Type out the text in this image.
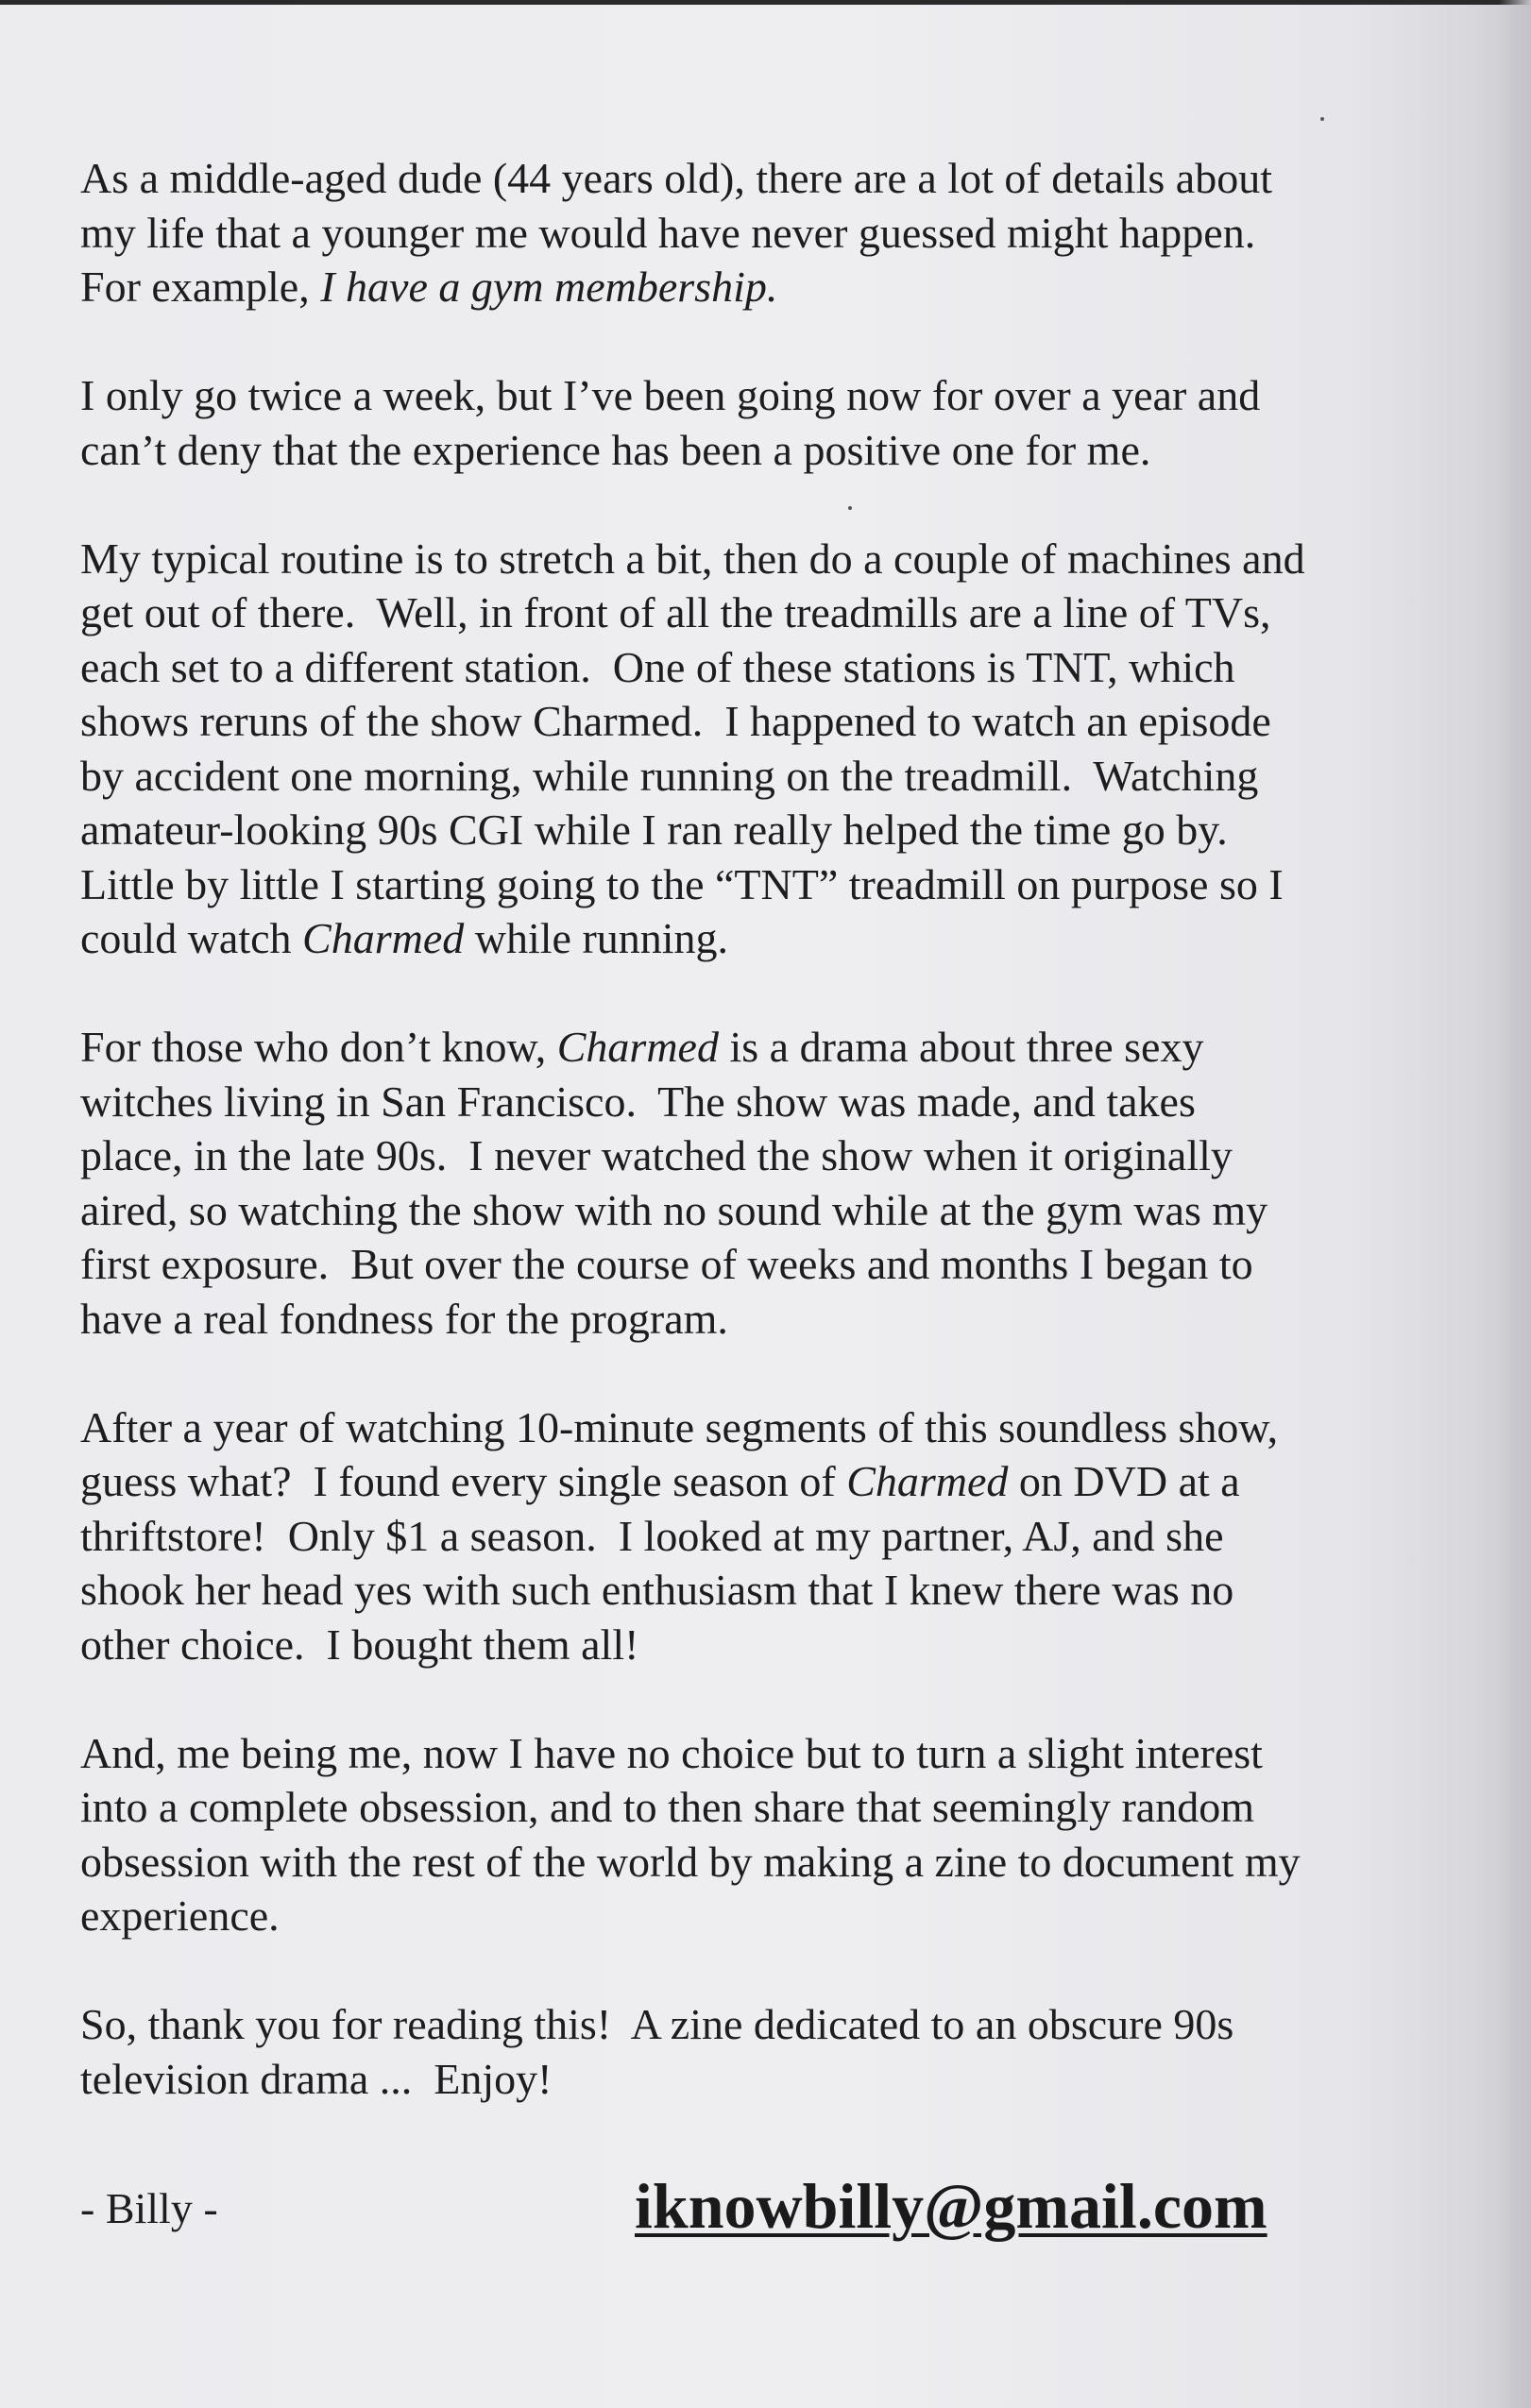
As a middle-aged dude (44 years old), there are a lot of details about
my life that a younger me would have never guessed might happen.
For example, I have a gym membership.

I only go twice a week, but I’ve been going now for over a year and
can’t deny that the experience has been a positive one for me.

My typical routine is to stretch a bit, then do a couple of machines and
get out of there.  Well, in front of all the treadmills are a line of TVs,
each set to a different station.  One of these stations is TNT, which
shows reruns of the show Charmed.  I happened to watch an episode
by accident one morning, while running on the treadmill.  Watching
amateur-looking 90s CGI while I ran really helped the time go by.
Little by little I starting going to the “TNT” treadmill on purpose so I
could watch Charmed while running.

For those who don’t know, Charmed is a drama about three sexy
witches living in San Francisco.  The show was made, and takes
place, in the late 90s.  I never watched the show when it originally
aired, so watching the show with no sound while at the gym was my
first exposure.  But over the course of weeks and months I began to
have a real fondness for the program.

After a year of watching 10-minute segments of this soundless show,
guess what?  I found every single season of Charmed on DVD at a
thriftstore!  Only $1 a season.  I looked at my partner, AJ, and she
shook her head yes with such enthusiasm that I knew there was no
other choice.  I bought them all!

And, me being me, now I have no choice but to turn a slight interest
into a complete obsession, and to then share that seemingly random
obsession with the rest of the world by making a zine to document my
experience.

So, thank you for reading this!  A zine dedicated to an obscure 90s
television drama ...  Enjoy!

- Billy -	iknowbilly@gmail.com
